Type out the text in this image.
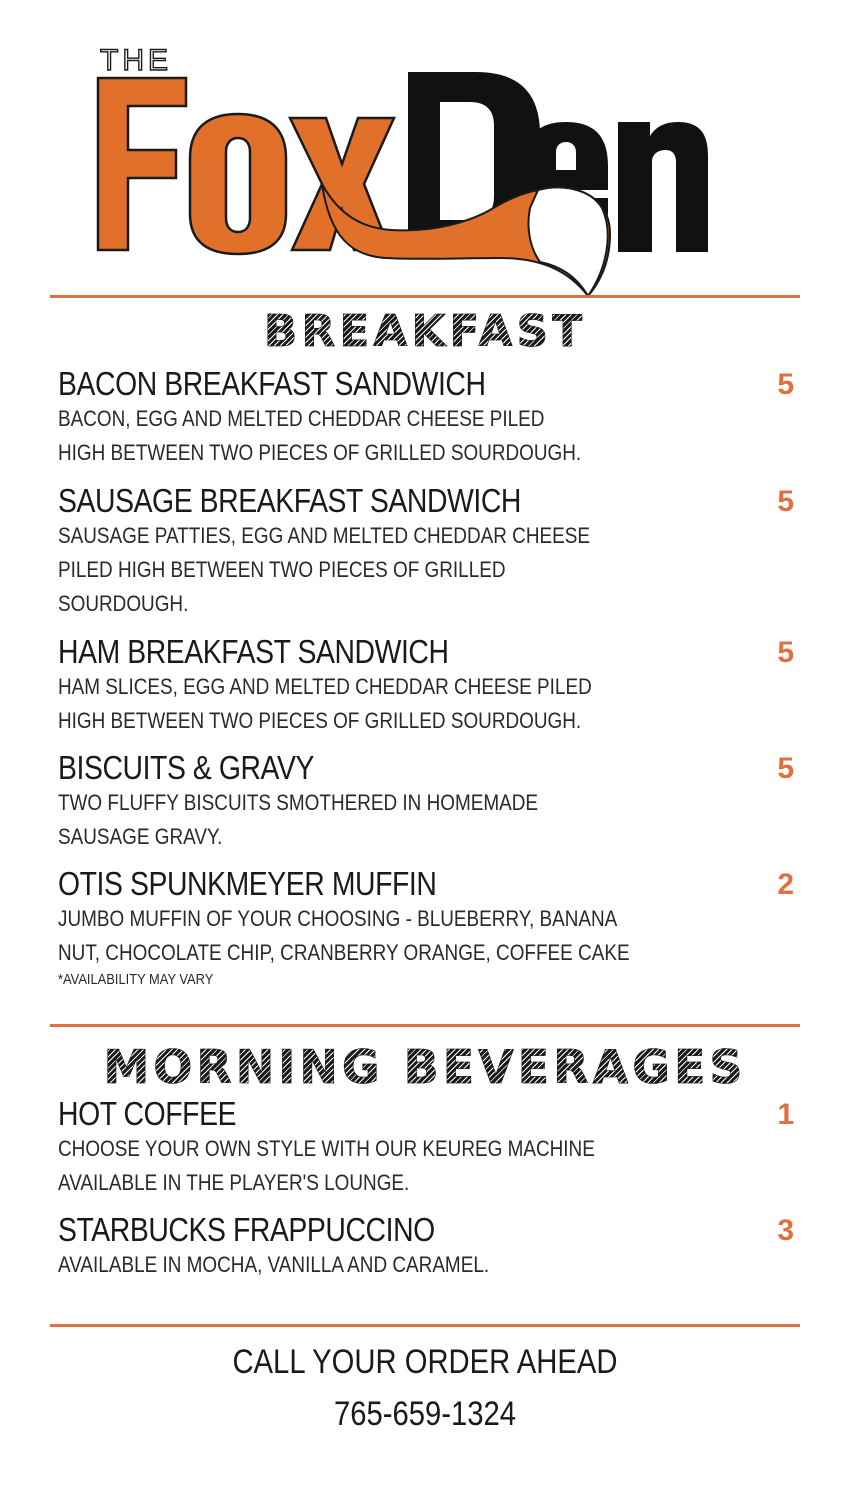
THE
BREAKFAST
BACON BREAKFAST SANDWICH	5
BACON, EGG AND MELTED CHEDDAR CHEESE PILED
HIGH BETWEEN TWO PIECES OF GRILLED SOURDOUGH.
SAUSAGE BREAKFAST SANDWICH	5
SAUSAGE PATTIES, EGG AND MELTED CHEDDAR CHEESE
PILED HIGH BETWEEN TWO PIECES OF GRILLED
SOURDOUGH.
HAM BREAKFAST SANDWICH	5
HAM SLICES, EGG AND MELTED CHEDDAR CHEESE PILED
HIGH BETWEEN TWO PIECES OF GRILLED SOURDOUGH.
BISCUITS & GRAVY	5
TWO FLUFFY BISCUITS SMOTHERED IN HOMEMADE
SAUSAGE GRAVY.
OTIS SPUNKMEYER MUFFIN	2
JUMBO MUFFIN OF YOUR CHOOSING - BLUEBERRY, BANANA
NUT, CHOCOLATE CHIP, CRANBERRY ORANGE, COFFEE CAKE
*AVAILABILITY MAY VARY
MORNING BEVERAGES
HOT COFFEE	1
CHOOSE YOUR OWN STYLE WITH OUR KEUREG MACHINE
AVAILABLE IN THE PLAYER'S LOUNGE.
STARBUCKS FRAPPUCCINO	3
AVAILABLE IN MOCHA, VANILLA AND CARAMEL.
CALL YOUR ORDER AHEAD
765-659-1324
